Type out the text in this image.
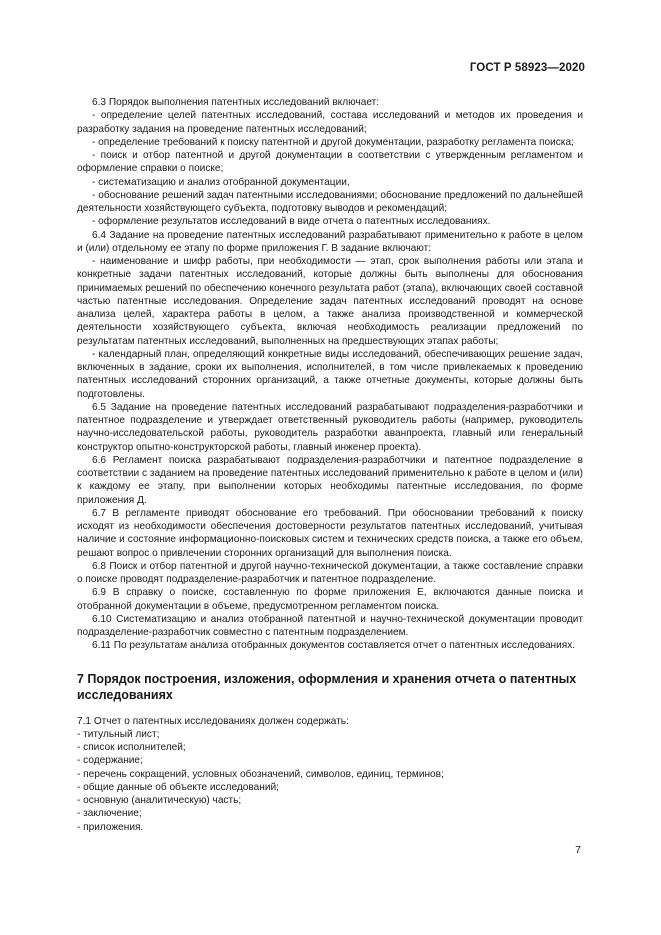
ГОСТ Р 58923—2020

6.3 Порядок выполнения патентных исследований включает:

- определение целей патентных исследований, состава исследований и методов их проведения и разработку задания на проведение патентных исследований;

- определение требований к поиску патентной и другой документации, разработку регламента поиска;

- поиск и отбор патентной и другой документации в соответствии с утвержденным регламентом и оформление справки о поиске;

- систематизацию и анализ отобранной документации,

- обоснование решений задач патентными исследованиями; обоснование предложений по дальнейшей деятельности хозяйствующего субъекта, подготовку выводов и рекомендаций;

- оформление результатов исследований в виде отчета о патентных исследованиях.

6.4 Задание на проведение патентных исследований разрабатывают применительно к работе в целом и (или) отдельному ее этапу по форме приложения Г. В задание включают:

- наименование и шифр работы, при необходимости — этап, срок выполнения работы или этапа и конкретные задачи патентных исследований, которые должны быть выполнены для обоснования принимаемых решений по обеспечению конечного результата работ (этапа), включающих своей составной частью патентные исследования. Определение задач патентных исследований проводят на основе анализа целей, характера работы в целом, а также анализа производственной и коммерческой деятельности хозяйствующего субъекта, включая необходимость реализации предложений по результатам патентных исследований, выполненных на предшествующих этапах работы;

- календарный план, определяющий конкретные виды исследований, обеспечивающих решение задач, включенных в задание, сроки их выполнения, исполнителей, в том числе привлекаемых к проведению патентных исследований сторонних организаций, а также отчетные документы, которые должны быть подготовлены.

6.5 Задание на проведение патентных исследований разрабатывают подразделения-разработчики и патентное подразделение и утверждает ответственный руководитель работы (например, руководитель научно-исследовательской работы, руководитель разработки аванпроекта, главный или генеральный конструктор опытно-конструкторской работы, главный инженер проекта).

6.6 Регламент поиска разрабатывают подразделения-разработчики и патентное подразделение в соответствии с заданием на проведение патентных исследований применительно к работе в целом и (или) к каждому ее этапу, при выполнении которых необходимы патентные исследования, по форме приложения Д.

6.7 В регламенте приводят обоснование его требований. При обосновании требований к поиску исходят из необходимости обеспечения достоверности результатов патентных исследований, учитывая наличие и состояние информационно-поисковых систем и технических средств поиска, а также его объем, решают вопрос о привлечении сторонних организаций для выполнения поиска.

6.8 Поиск и отбор патентной и другой научно-технической документации, а также составление справки о поиске проводят подразделение-разработчик и патентное подразделение.

6.9 В справку о поиске, составленную по форме приложения Е, включаются данные поиска и отобранной документации в объеме, предусмотренном регламентом поиска.

6.10 Систематизацию и анализ отобранной патентной и научно-технической документации проводит подразделение-разработчик совместно с патентным подразделением.

6.11 По результатам анализа отобранных документов составляется отчет о патентных исследованиях.

7 Порядок построения, изложения, оформления и хранения отчета о патентных исследованиях

7.1 Отчет о патентных исследованиях должен содержать:

- титульный лист;

- список исполнителей;

- содержание;

- перечень сокращений, условных обозначений, символов, единиц, терминов;

- общие данные об объекте исследований;

- основную (аналитическую) часть;

- заключение;

- приложения.

7
